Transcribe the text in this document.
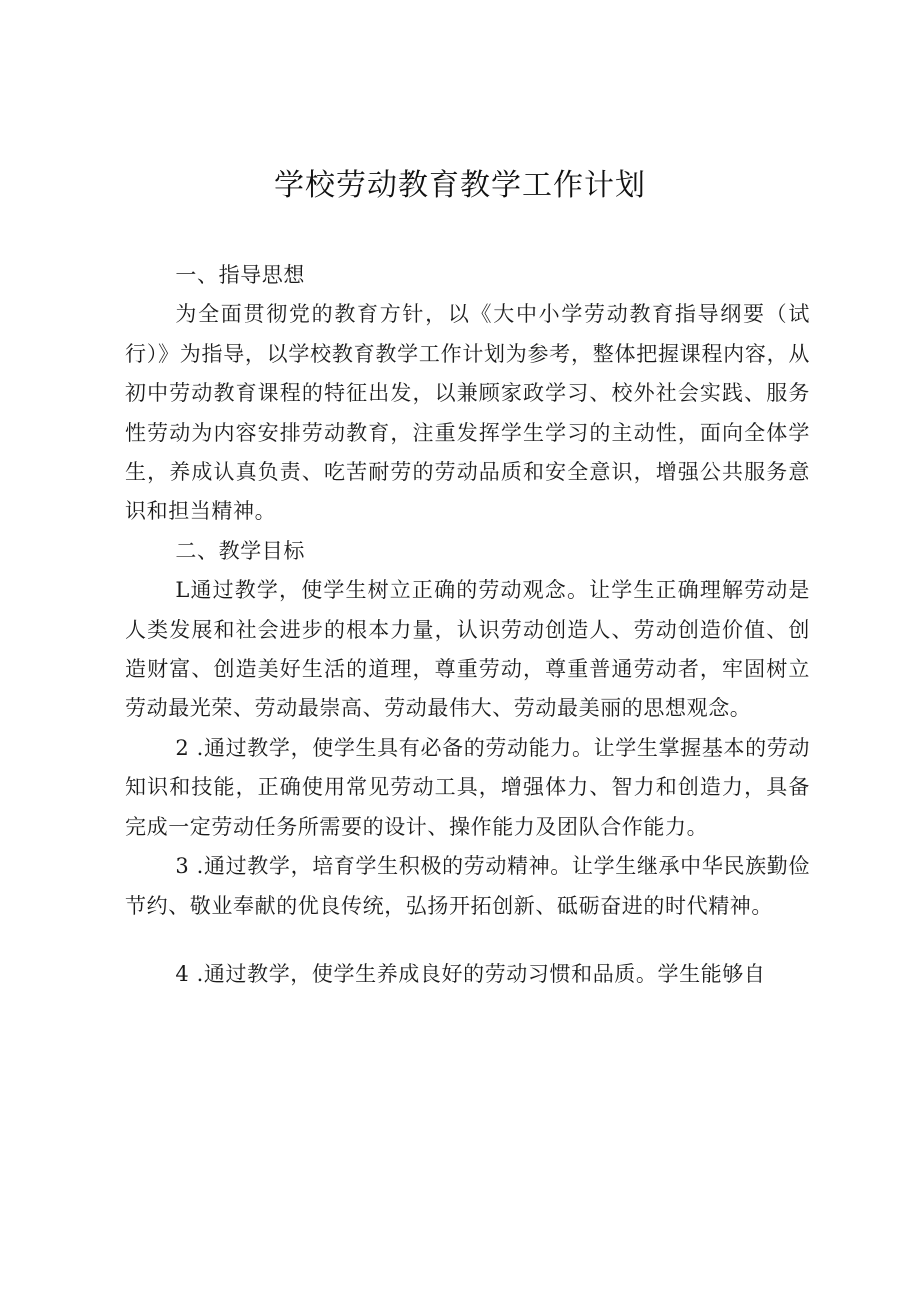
学校劳动教育教学工作计划

一、指导思想

为全面贯彻党的教育方针，以《大中小学劳动教育指导纲要（试行）》为指导，以学校教育教学工作计划为参考，整体把握课程内容，从初中劳动教育课程的特征出发，以兼顾家政学习、校外社会实践、服务性劳动为内容安排劳动教育，注重发挥学生学习的主动性，面向全体学生，养成认真负责、吃苦耐劳的劳动品质和安全意识，增强公共服务意识和担当精神。

二、教学目标

L通过教学，使学生树立正确的劳动观念。让学生正确理解劳动是人类发展和社会进步的根本力量，认识劳动创造人、劳动创造价值、创造财富、创造美好生活的道理，尊重劳动，尊重普通劳动者，牢固树立劳动最光荣、劳动最崇高、劳动最伟大、劳动最美丽的思想观念。

2 .通过教学，使学生具有必备的劳动能力。让学生掌握基本的劳动知识和技能，正确使用常见劳动工具，增强体力、智力和创造力，具备完成一定劳动任务所需要的设计、操作能力及团队合作能力。

3 .通过教学，培育学生积极的劳动精神。让学生继承中华民族勤俭节约、敬业奉献的优良传统，弘扬开拓创新、砥砺奋进的时代精神。

4 .通过教学，使学生养成良好的劳动习惯和品质。学生能够自
